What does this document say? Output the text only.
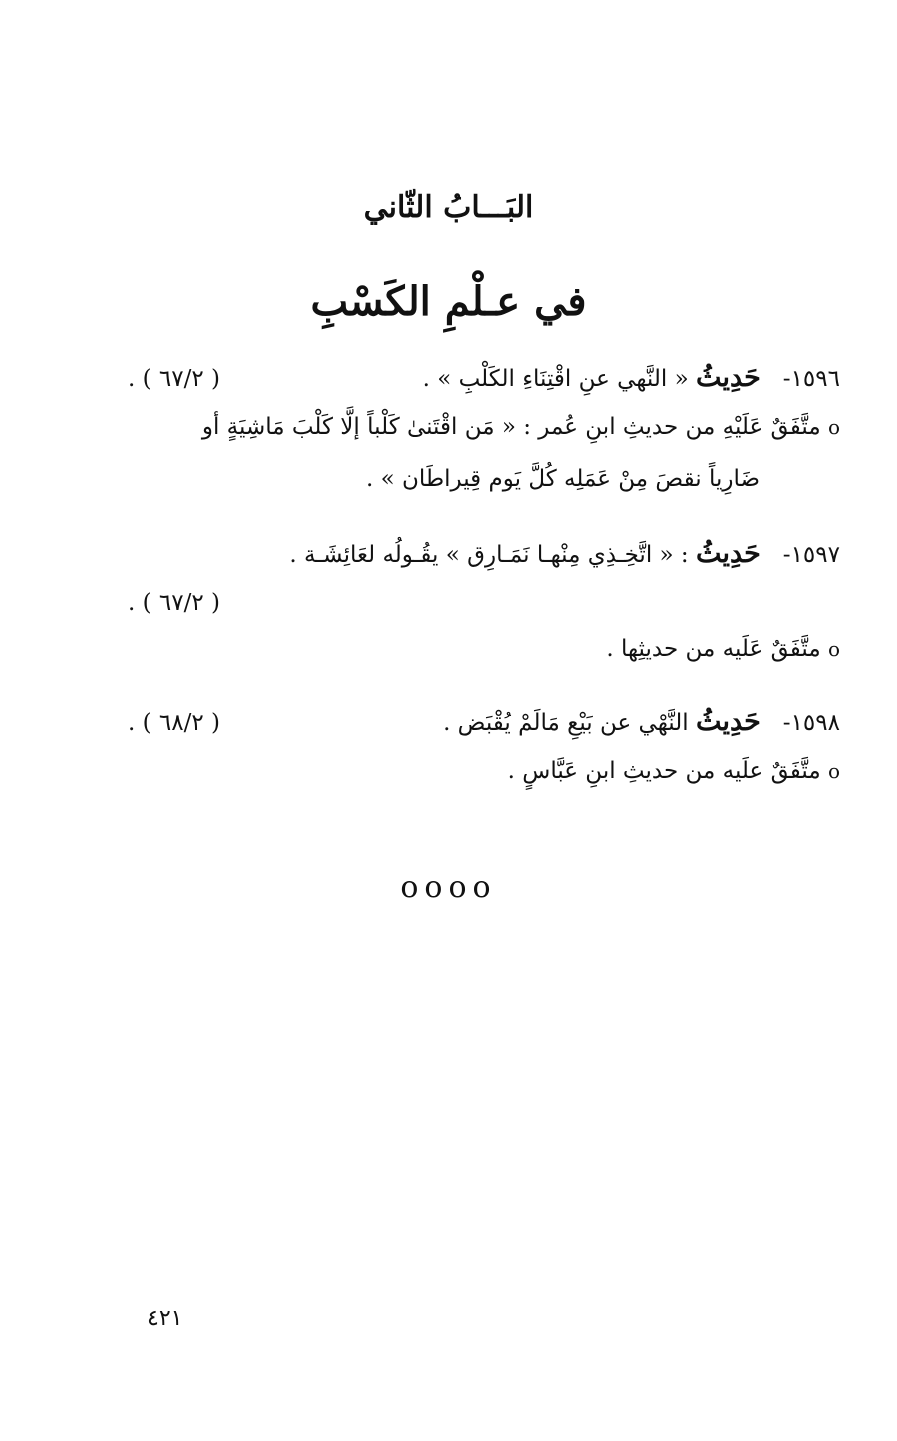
البَـــابُ الثّاني
في عـلْمِ الكَسْبِ
١٥٩٦-   حَدِيثُ « النَّهي عنِ اقْتِنَاءِ الكَلْبِ » .
( ٦٧/٢ ) .
o متَّفَقٌ عَلَيْهِ من حديثِ ابنِ عُمر : « مَن اقْتَنىٰ كَلْباً إلَّا كَلْبَ مَاشِيَةٍ أو
ضَارِياً نقصَ مِنْ عَمَلِه كُلَّ يَوم قِيراطَان » .
١٥٩٧-   حَدِيثُ : « اتَّخِـذِي مِنْهـا نَمَـارِق » يقُـولُه لعَائِشَـة .
. ( ٦٧/٢ )
o متَّفَقٌ عَلَيه من حديثِها .
١٥٩٨-   حَدِيثُ النَّهْي عن بَيْعِ مَالَمْ يُقْبَض .
( ٦٨/٢ ) .
o متَّفَقٌ علَيه من حديثِ ابنِ عَبَّاسٍ .
oooo
٤٢١
